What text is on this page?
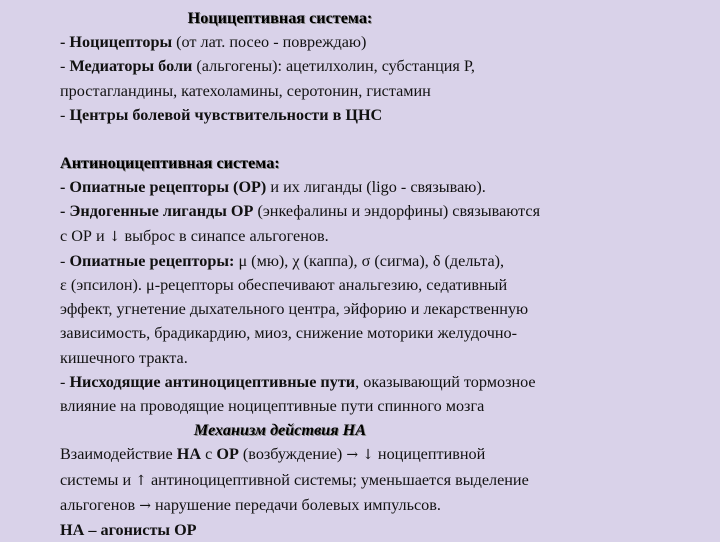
Ноцицептивная система:
- Ноцицепторы (от лат. посео - повреждаю)
- Медиаторы боли (альгогены): ацетилхолин, субстанция Р,
простагландины, катехоламины, серотонин, гистамин
- Центры болевой чувствительности в ЦНС
Антиноцицептивная система:
- Опиатные рецепторы (ОР) и их лиганды (ligo - связываю).
- Эндогенные лиганды ОР (энкефалины и эндорфины) связываются
с ОР и ↓ выброс в синапсе альгогенов.
- Опиатные рецепторы: μ (мю), χ (каппа), σ (сигма), δ (дельта),
ε (эпсилон). μ-рецепторы обеспечивают анальгезию, седативный
эффект, угнетение дыхательного центра, эйфорию и лекарственную
зависимость, брадикардию, миоз, снижение моторики желудочно-
кишечного тракта.
- Нисходящие антиноцицептивные пути, оказывающий тормозное
влияние на проводящие ноцицептивные пути спинного мозга
Механизм действия НА
Взаимодействие НА с ОР (возбуждение) → ↓ ноцицептивной
системы и ↑ антиноцицептивной системы; уменьшается выделение
альгогенов → нарушение передачи болевых импульсов.
НА – агонисты ОР
